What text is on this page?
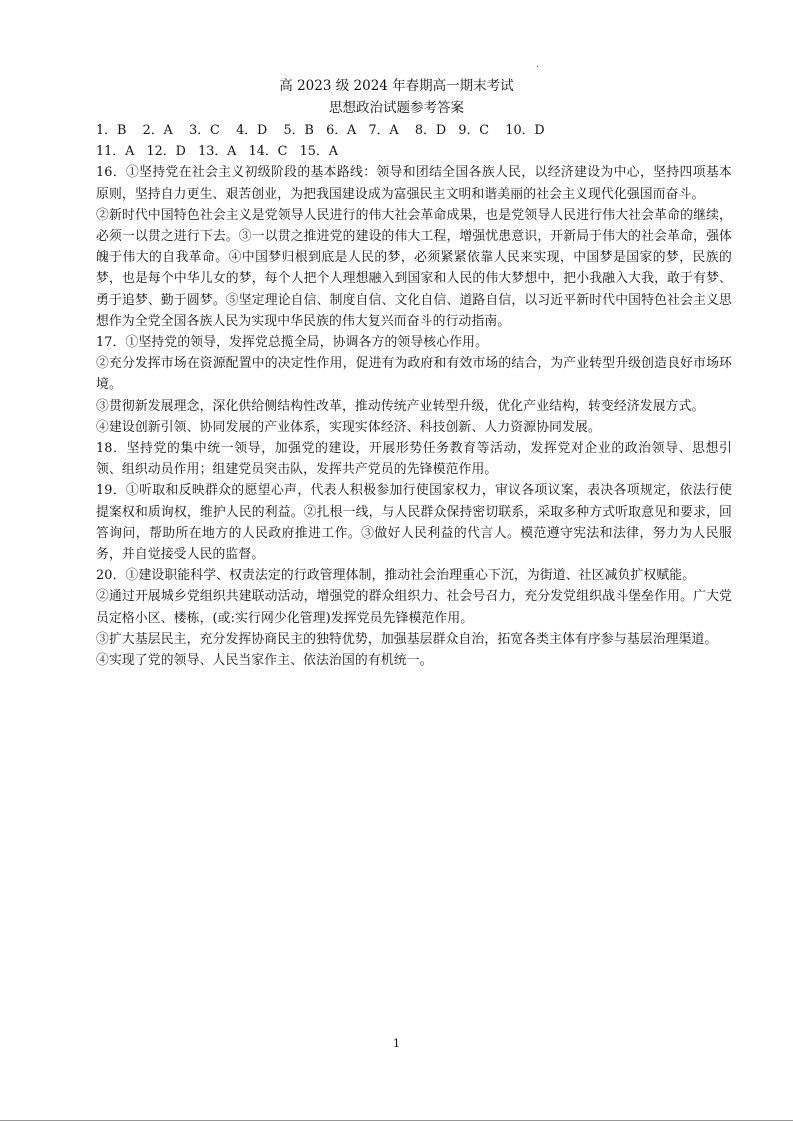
.
高 2023 级 2024 年春期高一期末考试
思想政治试题参考答案

1．B    2．A    3．C    4．D    5．B   6．A   7．A    8．D   9．C    10．D

11．A   12．D   13．A   14．C   15．A

16．①坚持党在社会主义初级阶段的基本路线：领导和团结全国各族人民，以经济建设为中心，坚持四项基本原则，坚持自力更生、艰苦创业，为把我国建设成为富强民主文明和谐美丽的社会主义现代化强国而奋斗。

②新时代中国特色社会主义是党领导人民进行的伟大社会革命成果，也是党领导人民进行伟大社会革命的继续，必须一以贯之进行下去。③一以贯之推进党的建设的伟大工程，增强忧患意识，开新局于伟大的社会革命，强体魄于伟大的自我革命。④中国梦归根到底是人民的梦，必须紧紧依靠人民来实现，中国梦是国家的梦，民族的梦，也是每个中华儿女的梦，每个人把个人理想融入到国家和人民的伟大梦想中，把小我融入大我，敢于有梦、勇于追梦、勤于圆梦。⑤坚定理论自信、制度自信、文化自信、道路自信，以习近平新时代中国特色社会主义思想作为全党全国各族人民为实现中华民族的伟大复兴而奋斗的行动指南。

17．①坚持党的领导，发挥党总揽全局，协调各方的领导核心作用。

②充分发挥市场在资源配置中的决定性作用，促进有为政府和有效市场的结合，为产业转型升级创造良好市场环境。

③贯彻新发展理念，深化供给侧结构性改革，推动传统产业转型升级，优化产业结构，转变经济发展方式。

④建设创新引领、协同发展的产业体系，实现实体经济、科技创新、人力资源协同发展。

18．坚持党的集中统一领导，加强党的建设，开展形势任务教育等活动，发挥党对企业的政治领导、思想引领、组织动员作用；组建党员突击队，发挥共产党员的先锋模范作用。

19．①听取和反映群众的愿望心声，代表人积极参加行使国家权力，审议各项议案，表决各项规定，依法行使提案权和质询权，维护人民的利益。②扎根一线，与人民群众保持密切联系，采取多种方式听取意见和要求，回答询问，帮助所在地方的人民政府推进工作。③做好人民利益的代言人。模范遵守宪法和法律，努力为人民服务，并自觉接受人民的监督。

20．①建设职能科学、权责法定的行政管理体制，推动社会治理重心下沉，为街道、社区减负扩权赋能。

②通过开展城乡党组织共建联动活动，增强党的群众组织力、社会号召力，充分发党组织战斗堡垒作用。广大党员定格小区、楼栋，(或:实行网少化管理)发挥党员先锋模范作用。

③扩大基层民主，充分发挥协商民主的独特优势，加强基层群众自治，拓宽各类主体有序参与基层治理渠道。

④实现了党的领导、人民当家作主、依法治国的有机统一。

1
